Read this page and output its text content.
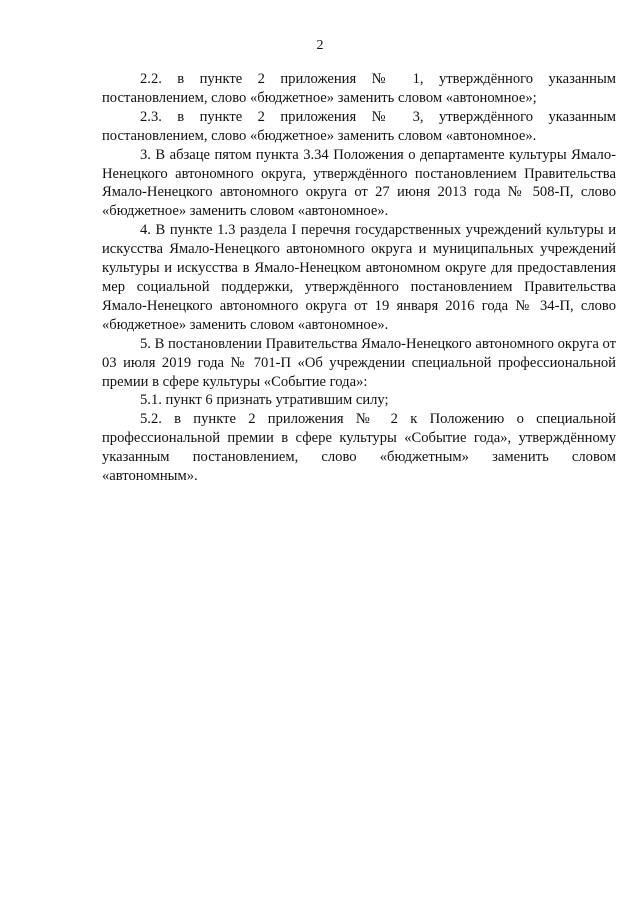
2

2.2. в пункте 2 приложения № 1, утверждённого указанным постановлением, слово «бюджетное» заменить словом «автономное»;

2.3. в пункте 2 приложения № 3, утверждённого указанным постановлением, слово «бюджетное» заменить словом «автономное».

3. В абзаце пятом пункта 3.34 Положения о департаменте культуры Ямало-Ненецкого автономного округа, утверждённого постановлением Правительства Ямало-Ненецкого автономного округа от 27 июня 2013 года № 508-П, слово «бюджетное» заменить словом «автономное».

4. В пункте 1.3 раздела I перечня государственных учреждений культуры и искусства Ямало-Ненецкого автономного округа и муниципальных учреждений культуры и искусства в Ямало-Ненецком автономном округе для предоставления мер социальной поддержки, утверждённого постановлением Правительства Ямало-Ненецкого автономного округа от 19 января 2016 года № 34-П, слово «бюджетное» заменить словом «автономное».

5. В постановлении Правительства Ямало-Ненецкого автономного округа от 03 июля 2019 года № 701-П «Об учреждении специальной профессиональной премии в сфере культуры «Событие года»:

5.1. пункт 6 признать утратившим силу;

5.2. в пункте 2 приложения № 2 к Положению о специальной профессиональной премии в сфере культуры «Событие года», утверждённому указанным постановлением, слово «бюджетным» заменить словом «автономным».
